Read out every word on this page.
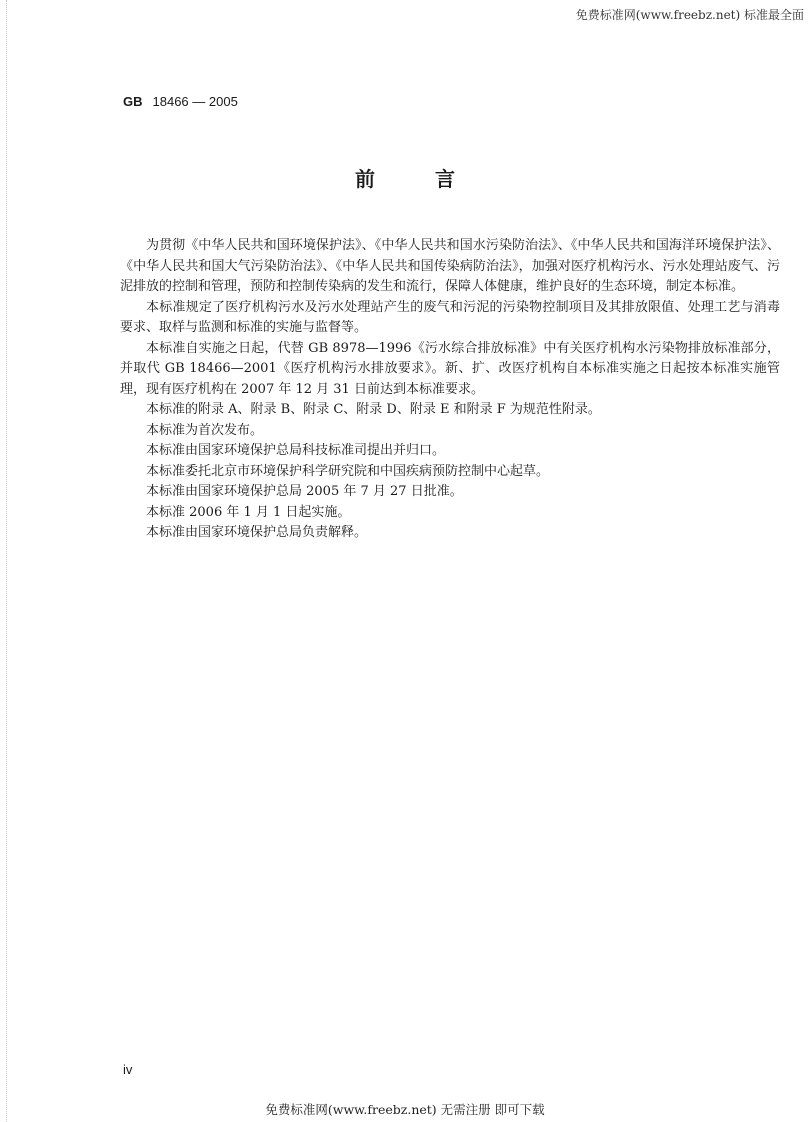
免费标准网(www.freebz.net) 标准最全面
GB 18466 — 2005
前言

为贯彻《中华人民共和国环境保护法》、《中华人民共和国水污染防治法》、《中华人民共和国海洋环境保护法》、《中华人民共和国大气污染防治法》、《中华人民共和国传染病防治法》，加强对医疗机构污水、污水处理站废气、污泥排放的控制和管理，预防和控制传染病的发生和流行，保障人体健康，维护良好的生态环境，制定本标准。

本标准规定了医疗机构污水及污水处理站产生的废气和污泥的污染物控制项目及其排放限值、处理工艺与消毒要求、取样与监测和标准的实施与监督等。

本标准自实施之日起，代替 GB 8978—1996《污水综合排放标准》中有关医疗机构水污染物排放标准部分，并取代 GB 18466—2001《医疗机构污水排放要求》。新、扩、改医疗机构自本标准实施之日起按本标准实施管理，现有医疗机构在 2007 年 12 月 31 日前达到本标准要求。

本标准的附录 A、附录 B、附录 C、附录 D、附录 E 和附录 F 为规范性附录。

本标准为首次发布。

本标准由国家环境保护总局科技标准司提出并归口。

本标准委托北京市环境保护科学研究院和中国疾病预防控制中心起草。

本标准由国家环境保护总局 2005 年 7 月 27 日批准。

本标准 2006 年 1 月 1 日起实施。

本标准由国家环境保护总局负责解释。

iv
免费标准网(www.freebz.net) 无需注册 即可下载
